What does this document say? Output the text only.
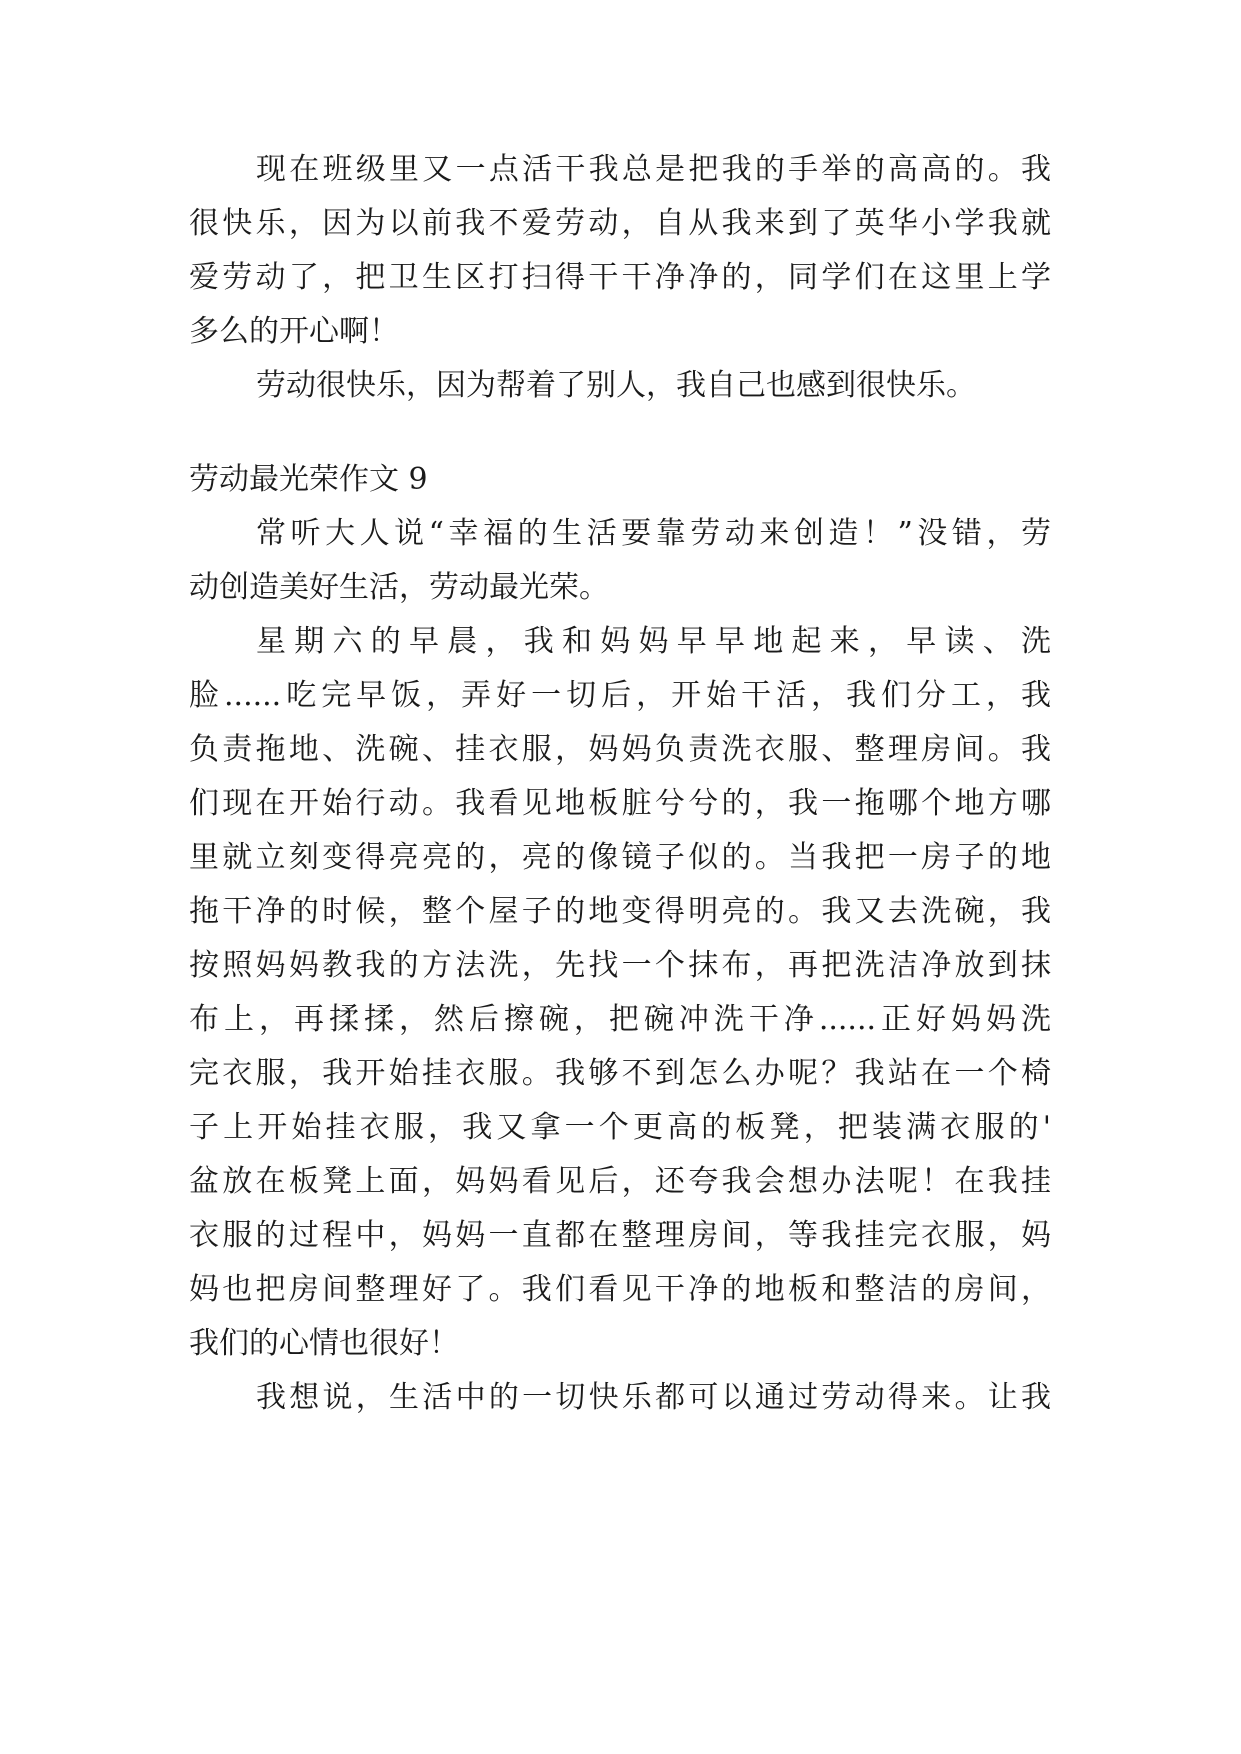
现在班级里又一点活干我总是把我的手举的高高的。我

很快乐，因为以前我不爱劳动，自从我来到了英华小学我就

爱劳动了，把卫生区打扫得干干净净的，同学们在这里上学

多么的开心啊！

劳动很快乐，因为帮着了别人，我自己也感到很快乐。

劳动最光荣作文 9

常听大人说“幸福的生活要靠劳动来创造！”没错，劳

动创造美好生活，劳动最光荣。

星期六的早晨，我和妈妈早早地起来，早读、洗

脸......吃完早饭，弄好一切后，开始干活，我们分工，我

负责拖地、洗碗、挂衣服，妈妈负责洗衣服、整理房间。我

们现在开始行动。我看见地板脏兮兮的，我一拖哪个地方哪

里就立刻变得亮亮的，亮的像镜子似的。当我把一房子的地

拖干净的时候，整个屋子的地变得明亮的。我又去洗碗，我

按照妈妈教我的方法洗，先找一个抹布，再把洗洁净放到抹

布上，再揉揉，然后擦碗，把碗冲洗干净......正好妈妈洗

完衣服，我开始挂衣服。我够不到怎么办呢？我站在一个椅

子上开始挂衣服，我又拿一个更高的板凳，把装满衣服的'

盆放在板凳上面，妈妈看见后，还夸我会想办法呢！在我挂

衣服的过程中，妈妈一直都在整理房间，等我挂完衣服，妈

妈也把房间整理好了。我们看见干净的地板和整洁的房间，

我们的心情也很好！

我想说，生活中的一切快乐都可以通过劳动得来。让我
